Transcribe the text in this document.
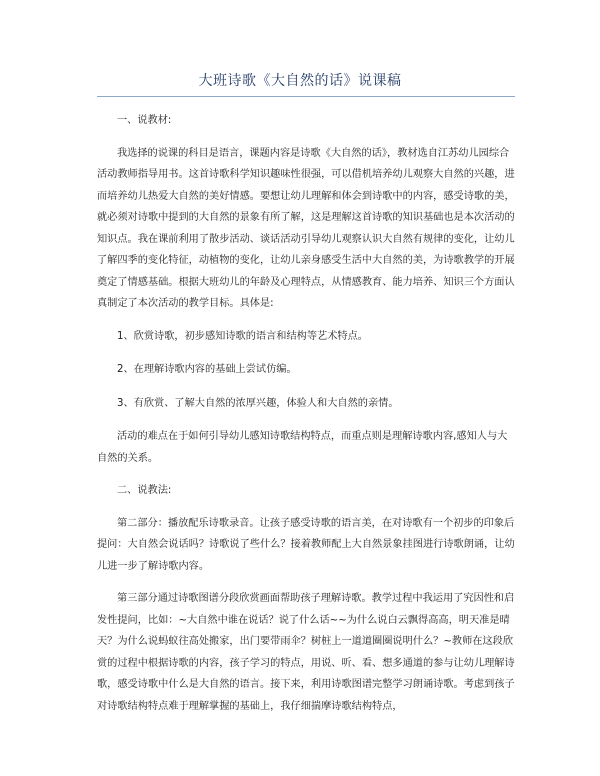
大班诗歌《大自然的话》说课稿

一、说教材:

我选择的说课的科目是语言，课题内容是诗歌《大自然的话》，教材选自江苏幼儿园综合活动教师指导用书。这首诗歌科学知识趣味性很强，可以借机培养幼儿观察大自然的兴趣，进而培养幼儿热爱大自然的美好情感。要想让幼儿理解和体会到诗歌中的内容，感受诗歌的美，就必须对诗歌中提到的大自然的景象有所了解，这是理解这首诗歌的知识基础也是本次活动的知识点。我在课前利用了散步活动、谈话活动引导幼儿观察认识大自然有规律的变化，让幼儿了解四季的变化特征，动植物的变化，让幼儿亲身感受生活中大自然的美，为诗歌教学的开展奠定了情感基础。根据大班幼儿的年龄及心理特点，从情感教育、能力培养、知识三个方面认真制定了本次活动的教学目标。具体是:

1、欣赏诗歌，初步感知诗歌的语言和结构等艺术特点。

2、在理解诗歌内容的基础上尝试仿编。

3、有欣赏、了解大自然的浓厚兴趣，体验人和大自然的亲情。

活动的难点在于如何引导幼儿感知诗歌结构特点，而重点则是理解诗歌内容,感知人与大自然的关系。

二、说教法:

第二部分：播放配乐诗歌录音。让孩子感受诗歌的语言美，在对诗歌有一个初步的印象后提问：大自然会说话吗？诗歌说了些什么？接着教师配上大自然景象挂图进行诗歌朗诵，让幼儿进一步了解诗歌内容。

第三部分通过诗歌图谱分段欣赏画面帮助孩子理解诗歌。教学过程中我运用了究因性和启发性提问，比如：~大自然中谁在说话？说了什么话~~为什么说白云飘得高高，明天准是晴天？为什么说蚂蚁往高处搬家，出门要带雨伞？树桩上一道道圈圈说明什么？~教师在这段欣赏的过程中根据诗歌的内容，孩子学习的特点，用说、听、看、想多通道的参与让幼儿理解诗歌，感受诗歌中什么是大自然的语言。接下来，利用诗歌图谱完整学习朗诵诗歌。考虑到孩子对诗歌结构特点难于理解掌握的基础上，我仔细揣摩诗歌结构特点，
